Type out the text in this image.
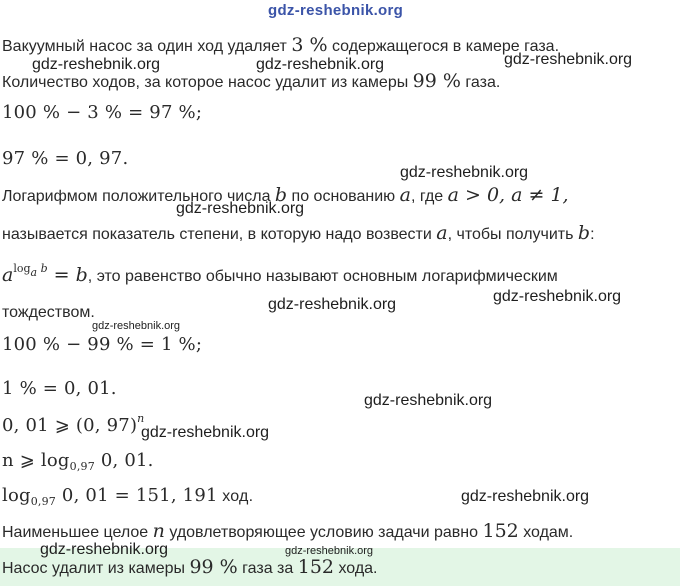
gdz-reshebnik.org
gdz-reshebnik.org	gdz-reshebnik.org	gdz-reshebnik.org
gdz-reshebnik.org
gdz-reshebnik.org
gdz-reshebnik.org	gdz-reshebnik.org
gdz-reshebnik.org
gdz-reshebnik.org
gdz-reshebnik.org
gdz-reshebnik.org
gdz-reshebnik.org	gdz-reshebnik.org
Вакуумный насос за один ход удаляет 3 % содержащегося в камере газа.
Количество ходов, за которое насос удалит из камеры 99 % газа.
100 % − 3 % = 97 %;
97 % = 0, 97.
Логарифмом положительного числа b по основанию a, где a > 0, a ≠ 1,
называется показатель степени, в которую надо возвести a, чтобы получить b:
$a^{log_a b} = b$, это равенство обычно называют основным логарифмическим
тождеством.
100 % − 99 % = 1 %;
1 % = 0, 01.
0, 01 ⩾ (0, 97)$^n$
n ⩾ $\log_{0,97} 0$, 01.
$\log_{0,97} 0$, 01 = 151, 191 ход.
Наименьшее целое n удовлетворяющее условию задачи равно 152 ходам.
Насос удалит из камеры 99 % газа за 152 хода.
